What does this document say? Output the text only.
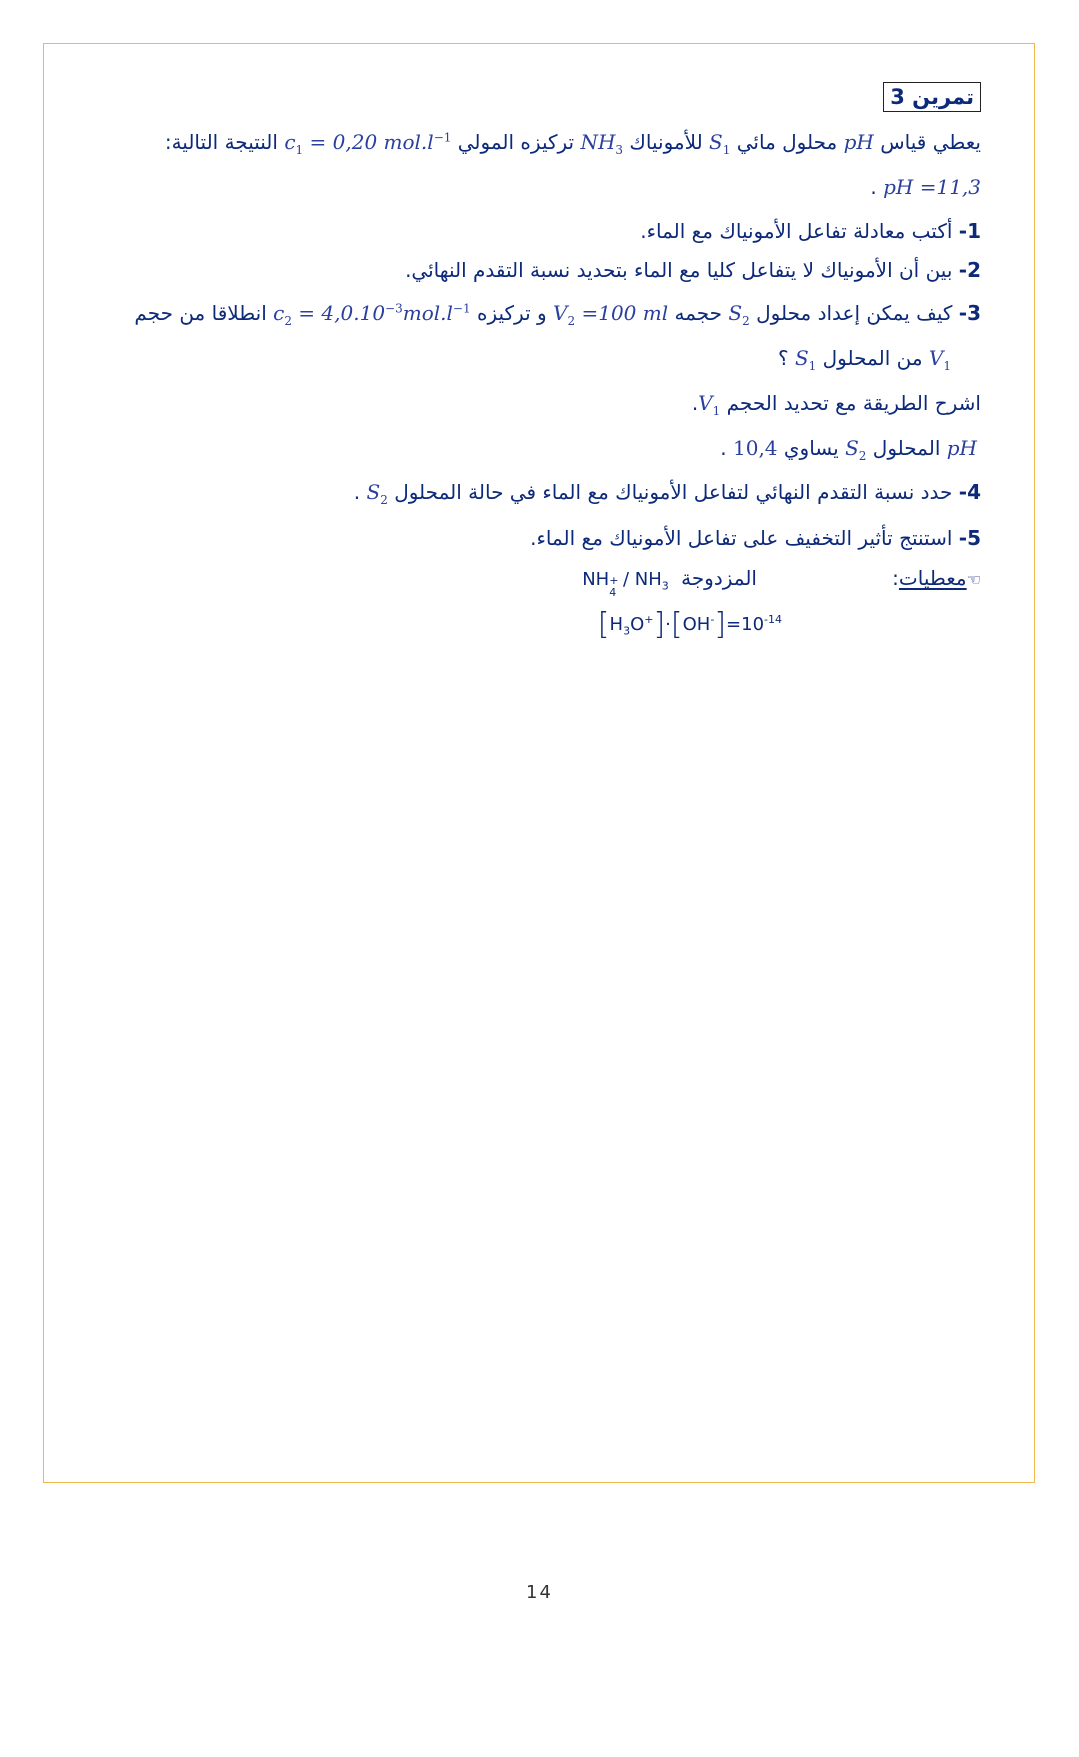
تمرين 3
يعطي قياس pH محلول مائي $S_1$ للأمونياك $NH_3$ تركيزه المولي $c_1 = 0,20$ $mol.l^{-1}$ النتيجة التالية:
pH =11,3 .
1- أكتب معادلة تفاعل الأمونياك مع الماء.
2- بين أن الأمونياك لا يتفاعل كليا مع الماء بتحديد نسبة التقدم النهائي.
3- كيف يمكن إعداد محلول $S_2$ حجمه $V_2 =100$ ml و تركيزه $c_2 = 4,0.10^{-3}mol.l^{-1}$ انطلاقا من حجم
$V_1$ من المحلول $S_1$ ؟
اشرح الطريقة مع تحديد الحجم $V_1$.
pH المحلول $S_2$ يساوي 10,4 .
4- حدد نسبة التقدم النهائي لتفاعل الأمونياك مع الماء في حالة المحلول $S_2$ .
5- استنتج تأثير التخفيف على تفاعل الأمونياك مع الماء.
☜معطيات:
المزدوجة
NH +
4
/ $NH_3$
$[H_3O^+]\cdot[OH^-]=10^{-14}$
14
